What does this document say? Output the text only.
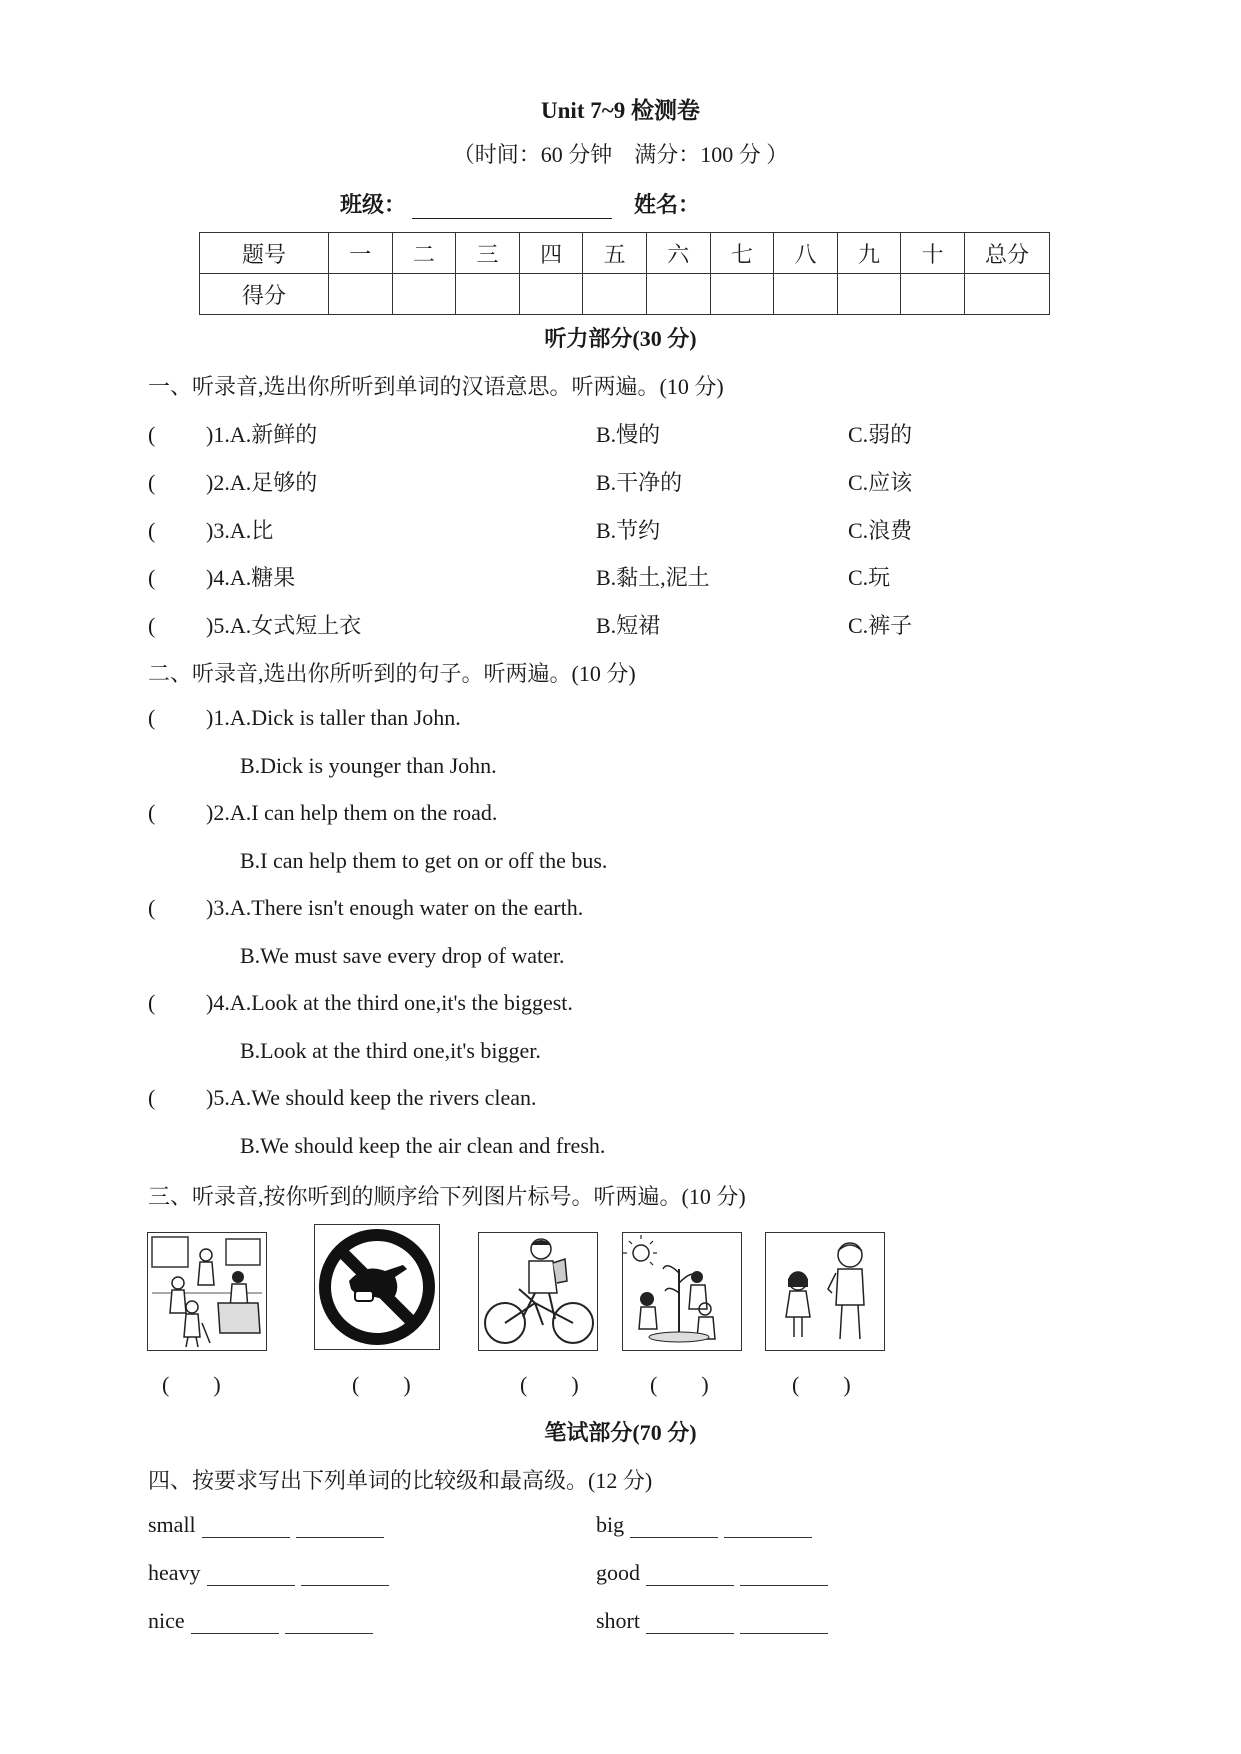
Unit 7~9 检测卷
（时间：60 分钟　满分：100 分 ）
班级：	姓名：
题号	一	二	三	四	五	六	七	八	九	十	总分
得分											
听力部分(30 分)
一、听录音,选出你所听到单词的汉语意思。听两遍。(10 分)
( )1.A.新鲜的	B.慢的	C.弱的
( )2.A.足够的	B.干净的	C.应该
( )3.A.比	B.节约	C.浪费
( )4.A.糖果	B.黏土,泥土	C.玩
( )5.A.女式短上衣	B.短裙	C.裤子
二、听录音,选出你所听到的句子。听两遍。(10 分)
( )1.A.Dick is taller than John.
B.Dick is younger than John.
( )2.A.I can help them on the road.
B.I can help them to get on or off the bus.
( )3.A.There isn't enough water on the earth.
B.We must save every drop of water.
( )4.A.Look at the third one,it's the biggest.
B.Look at the third one,it's bigger.
( )5.A.We should keep the rivers clean.
B.We should keep the air clean and fresh.
三、听录音,按你听到的顺序给下列图片标号。听两遍。(10 分)
(　　)	(　　)	(　　)	(　　)	(　　)
笔试部分(70 分)
四、按要求写出下列单词的比较级和最高级。(12 分)
small	big
heavy	good
nice	short
